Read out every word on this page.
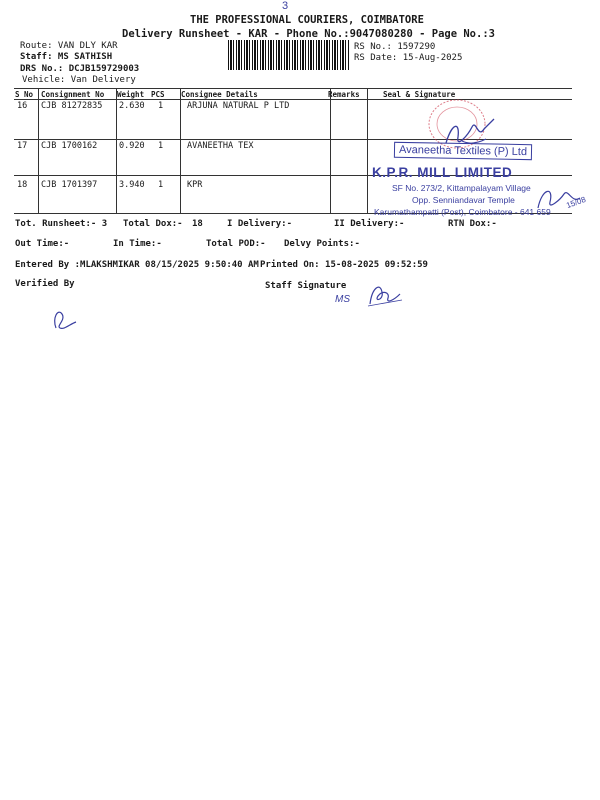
3
THE PROFESSIONAL COURIERS, COIMBATORE
Delivery Runsheet - KAR - Phone No.:9047080280 - Page No.:3
Route: VAN DLY KAR
Staff: MS SATHISH
DRS No.: DCJB159729003
Vehicle: Van Delivery
RS No.: 1597290
RS Date: 15-Aug-2025
S No Consignment No Weight PCS Consignee Details	Remarks	Seal & Signature
16 CJB 81272835 2.630 1	ARJUNA NATURAL P LTD
17 CJB 1700162	0.920 1	AVANEETHA TEX
18 CJB 1701397	3.940 1	KPR
Avaneetha Textiles (P) Ltd
K.P.R. MILL LIMITED
SF No. 273/2, Kittampalayam Village
Opp. Senniandavar Temple
Karumathampatti (Post), Coimbatore - 641 659
15/08
Tot. Runsheet:- 3 Total Dox:- 18	I Delivery:-	II Delivery:-	RTN Dox:-
Out Time:-	In Time:-	Total POD:- Delvy Points:-
Entered By :MLAKSHMIKAR 08/15/2025 9:50:40 AM Printed On: 15-08-2025 09:52:59
Verified By	Staff Signature
MS
